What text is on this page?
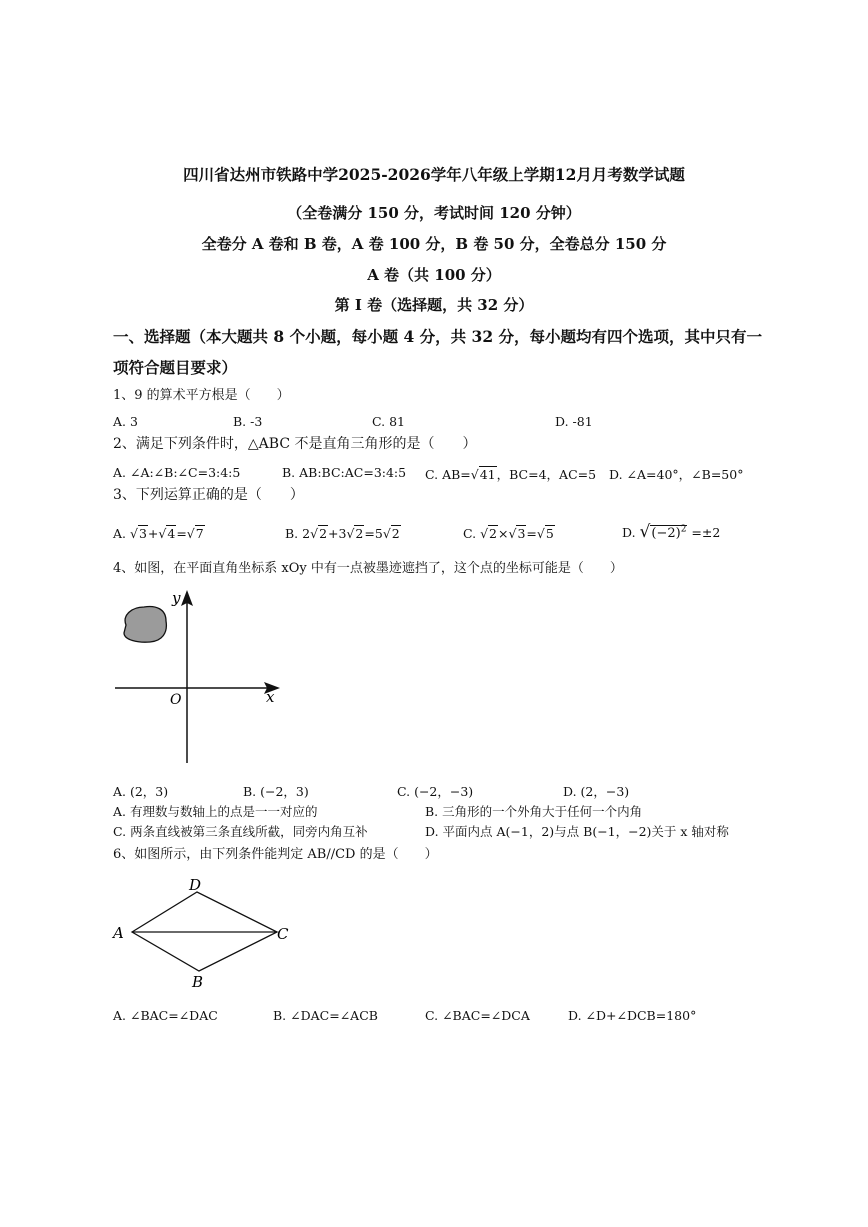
四川省达州市铁路中学2025-2026学年八年级上学期12月月考数学试题
（全卷满分 150 分，考试时间 120 分钟）
全卷分 A 卷和 B 卷，A 卷 100 分，B 卷 50 分，全卷总分 150 分
A 卷（共 100 分）
第 I 卷（选择题，共 32 分）
一、选择题（本大题共 8 个小题，每小题 4 分，共 32 分，每小题均有四个选项，其中只有一
项符合题目要求）
1、9 的算术平方根是（　　）
A. 3	B. -3	C. 81	D. -81
2、满足下列条件时，△ABC 不是直角三角形的是（　　）
A. ∠A:∠B:∠C=3:4:5	B. AB:BC:AC=3:4:5 C. AB=√41，BC=4，AC=5 D. ∠A=40°，∠B=50°
3、下列运算正确的是（　　）
A. √3+√4=√7	B. 2√2+3√2=5√2	C. √2×√3=√5	D. $√(-2)^2 =\pm 2$
4、如图，在平面直角坐标系 xOy 中有一点被墨迹遮挡了，这个点的坐标可能是（　　）
y
x
O
A. (2，3)	B. (−2，3)	C. (−2，−3)	D. (2，−3)
A. 有理数与数轴上的点是一一对应的	B. 三角形的一个外角大于任何一个内角
C. 两条直线被第三条直线所截，同旁内角互补	D. 平面内点 A(−1，2)与点 B(−1，−2)关于 x 轴对称
6、如图所示，由下列条件能判定 AB//CD 的是（　　）
D
A	C
B
A. ∠BAC=∠DAC	B. ∠DAC=∠ACB	C. ∠BAC=∠DCA	D. ∠D+∠DCB=180°
